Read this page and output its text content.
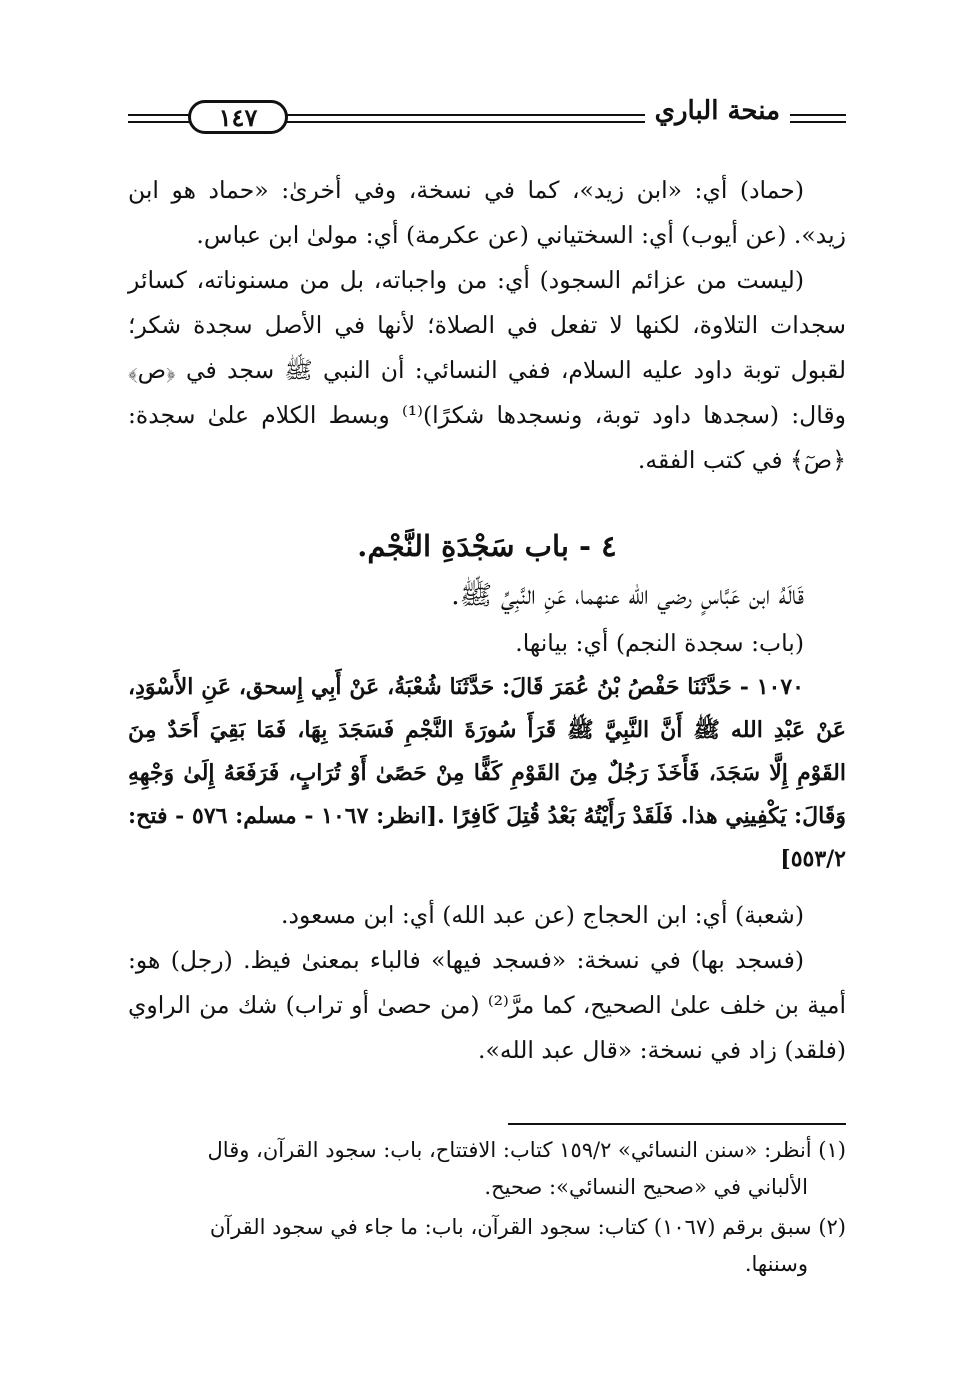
١٤٧	منحة الباري

(حماد) أي: «ابن زيد»، كما في نسخة، وفي أخرىٰ: «حماد هو ابن زيد». (عن أيوب) أي: السختياني (عن عكرمة) أي: مولىٰ ابن عباس.

(ليست من عزائم السجود) أي: من واجباته، بل من مسنوناته، كسائر سجدات التلاوة، لكنها لا تفعل في الصلاة؛ لأنها في الأصل سجدة شكر؛ لقبول توبة داود عليه السلام، ففي النسائي: أن النبي ﷺ سجد في ﴿ص﴾ وقال: (سجدها داود توبة، ونسجدها شكرًا)⁽¹⁾ وبسط الكلام علىٰ سجدة: ﴿صٓ﴾ في كتب الفقه.

٤ - باب سَجْدَةِ النَّجْم.

قَالَهُ ابن عَبَّاسٍ رضي الله عنهما، عَنِ النَّبِيِّ ﷺ.

(باب: سجدة النجم) أي: بيانها.

١٠٧٠ - حَدَّثَنَا حَفْصُ بْنُ عُمَرَ قَالَ: حَدَّثَنَا شُعْبَةُ، عَنْ أَبِي إِسحق، عَنِ الأَسْوَدِ، عَنْ عَبْدِ الله ﷺ أَنَّ النَّبِيَّ ﷺ قَرَأَ سُورَةَ النَّجْمِ فَسَجَدَ بِهَا، فَمَا بَقِيَ أَحَدٌ مِنَ القَوْمِ إِلَّا سَجَدَ، فَأَخَذَ رَجُلٌ مِنَ القَوْمِ كَفًّا مِنْ حَصًىٰ أَوْ تُرَابٍ، فَرَفَعَهُ إِلَىٰ وَجْهِهِ وَقَالَ: يَكْفِينِي هذا. فَلَقَدْ رَأَيْتُهُ بَعْدُ قُتِلَ كَافِرًا .[انظر: ١٠٦٧ - مسلم: ٥٧٦ - فتح: ٥٥٣/٢]

(شعبة) أي: ابن الحجاج (عن عبد الله) أي: ابن مسعود.

(فسجد بها) في نسخة: «فسجد فيها» فالباء بمعنىٰ فيظ. (رجل) هو: أمية بن خلف علىٰ الصحيح، كما مرَّ⁽²⁾ (من حصىٰ أو تراب) شك من الراوي (فلقد) زاد في نسخة: «قال عبد الله».

(١) أنظر: «سنن النسائي» ١٥٩/٢ كتاب: الافتتاح، باب: سجود القرآن، وقال
الألباني في «صحيح النسائي»: صحيح.

(٢) سبق برقم (١٠٦٧) كتاب: سجود القرآن، باب: ما جاء في سجود القرآن
وسننها.
